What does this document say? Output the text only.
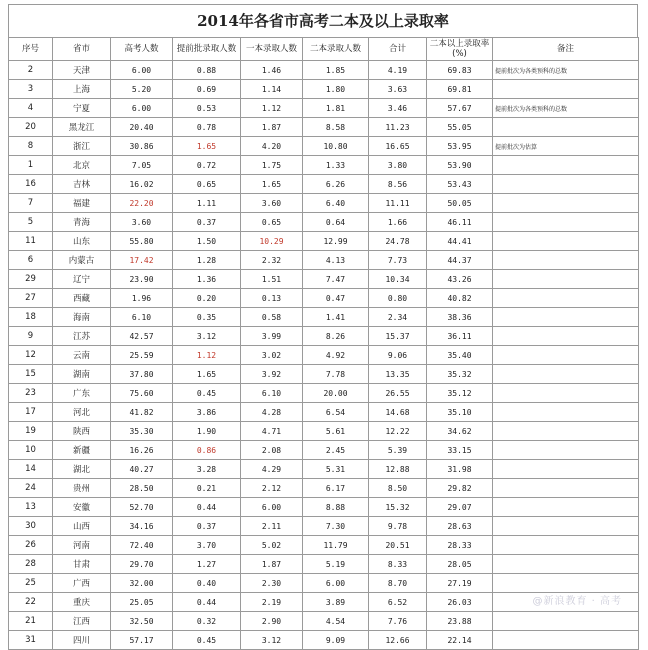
2014年各省市高考二本及以上录取率
序号	省市	高考人数	提前批录取人数	一本录取人数	二本录取人数	合计	二本以上录取率(%)	备注
2	天津	6.00	0.88	1.46	1.85	4.19	69.83	提前批次为各类预科的总数
3	上海	5.20	0.69	1.14	1.80	3.63	69.81	
4	宁夏	6.00	0.53	1.12	1.81	3.46	57.67	提前批次为各类预科的总数
20	黑龙江	20.40	0.78	1.87	8.58	11.23	55.05	
8	浙江	30.86	1.65	4.20	10.80	16.65	53.95	提前批次为估算
1	北京	7.05	0.72	1.75	1.33	3.80	53.90	
16	吉林	16.02	0.65	1.65	6.26	8.56	53.43	
7	福建	22.20	1.11	3.60	6.40	11.11	50.05	
5	青海	3.60	0.37	0.65	0.64	1.66	46.11	
11	山东	55.80	1.50	10.29	12.99	24.78	44.41	
6	内蒙古	17.42	1.28	2.32	4.13	7.73	44.37	
29	辽宁	23.90	1.36	1.51	7.47	10.34	43.26	
27	西藏	1.96	0.20	0.13	0.47	0.80	40.82	
18	海南	6.10	0.35	0.58	1.41	2.34	38.36	
9	江苏	42.57	3.12	3.99	8.26	15.37	36.11	
12	云南	25.59	1.12	3.02	4.92	9.06	35.40	
15	湖南	37.80	1.65	3.92	7.78	13.35	35.32	
23	广东	75.60	0.45	6.10	20.00	26.55	35.12	
17	河北	41.82	3.86	4.28	6.54	14.68	35.10	
19	陕西	35.30	1.90	4.71	5.61	12.22	34.62	
10	新疆	16.26	0.86	2.08	2.45	5.39	33.15	
14	湖北	40.27	3.28	4.29	5.31	12.88	31.98	
24	贵州	28.50	0.21	2.12	6.17	8.50	29.82	
13	安徽	52.70	0.44	6.00	8.88	15.32	29.07	
30	山西	34.16	0.37	2.11	7.30	9.78	28.63	
26	河南	72.40	3.70	5.02	11.79	20.51	28.33	
28	甘肃	29.70	1.27	1.87	5.19	8.33	28.05	
25	广西	32.00	0.40	2.30	6.00	8.70	27.19	
22	重庆	25.05	0.44	2.19	3.89	6.52	26.03	
21	江西	32.50	0.32	2.90	4.54	7.76	23.88	
31	四川	57.17	0.45	3.12	9.09	12.66	22.14	
@新浪教育 · 高考
